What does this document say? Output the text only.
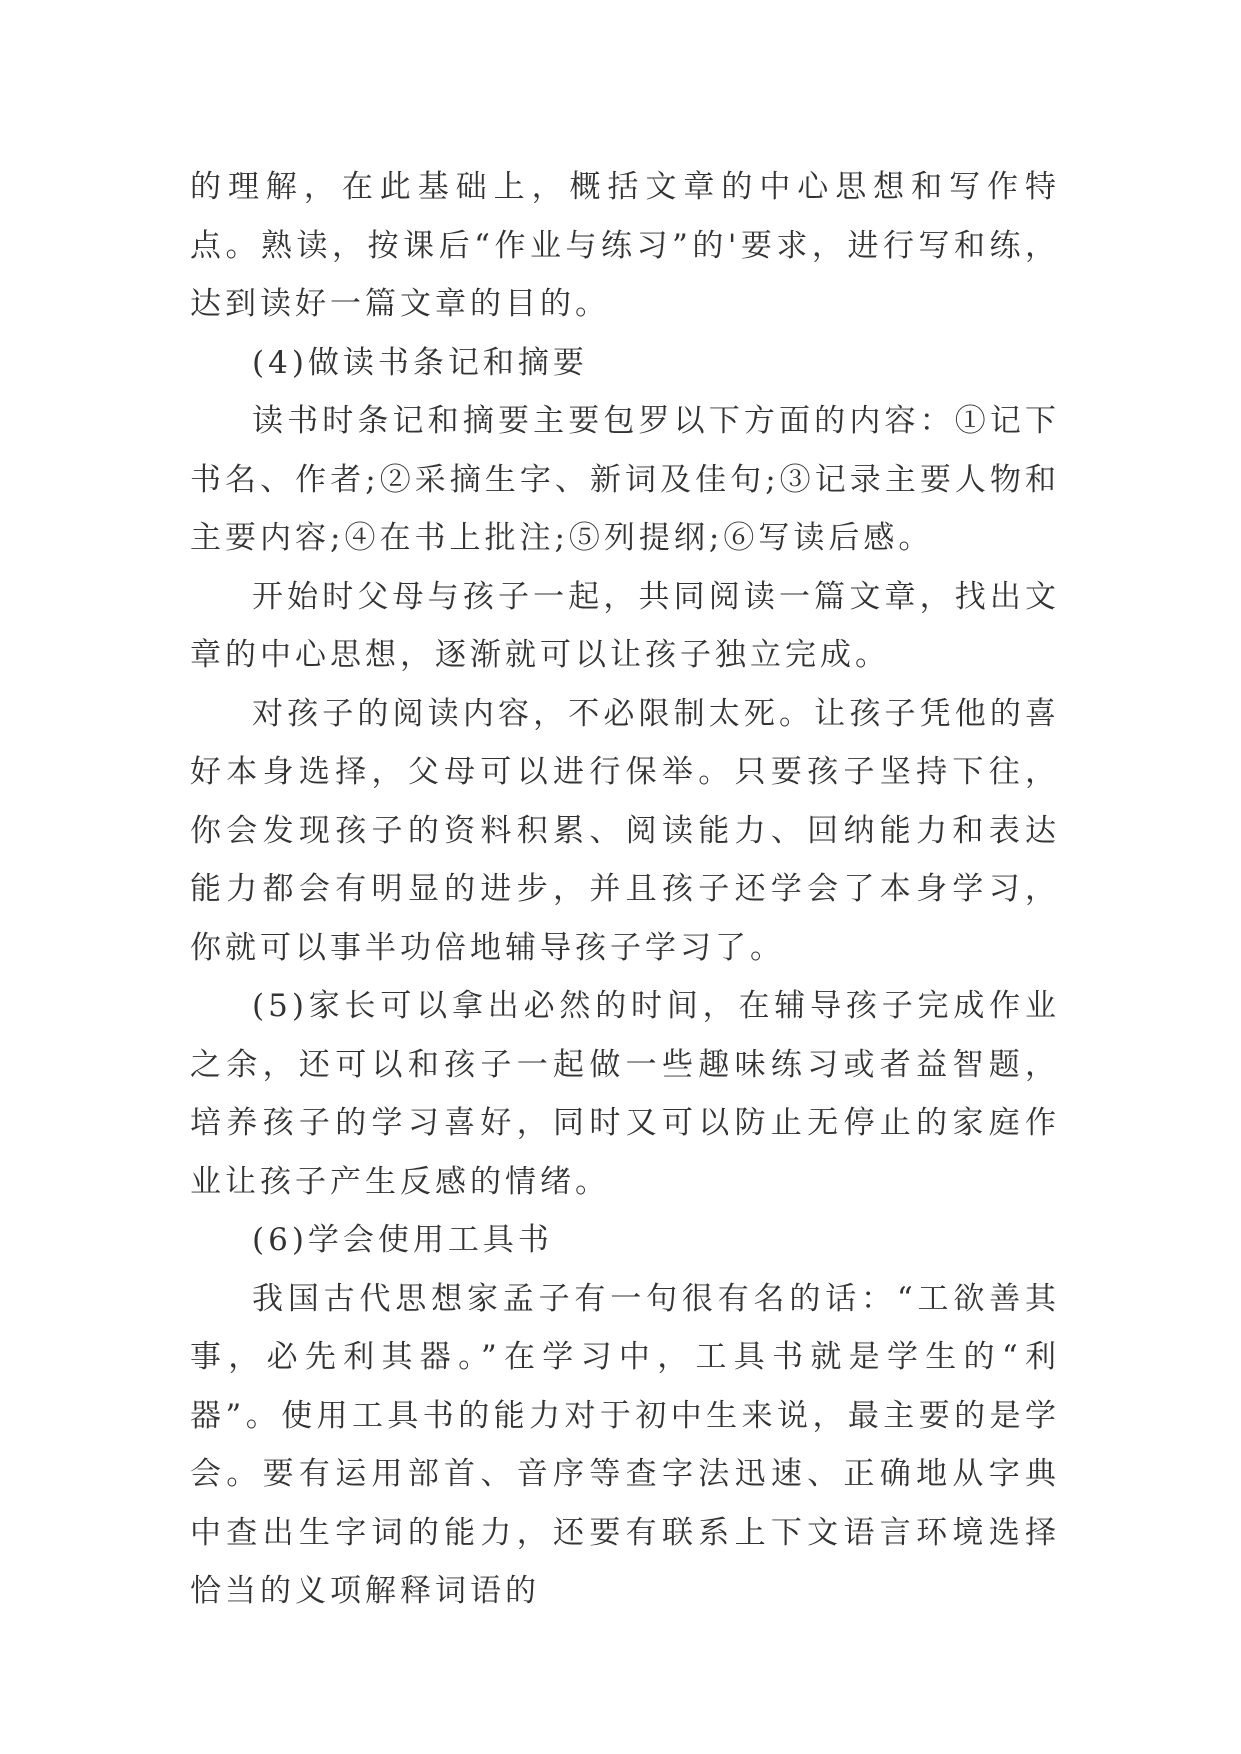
的理解，在此基础上，概括文章的中心思想和写作特点。熟读，按课后“作业与练习”的'要求，进行写和练，达到读好一篇文章的目的。

(4)做读书条记和摘要

读书时条记和摘要主要包罗以下方面的内容：①记下书名、作者;②采摘生字、新词及佳句;③记录主要人物和主要内容;④在书上批注;⑤列提纲;⑥写读后感。

开始时父母与孩子一起，共同阅读一篇文章，找出文章的中心思想，逐渐就可以让孩子独立完成。

对孩子的阅读内容，不必限制太死。让孩子凭他的喜好本身选择，父母可以进行保举。只要孩子坚持下往，你会发现孩子的资料积累、阅读能力、回纳能力和表达能力都会有明显的进步，并且孩子还学会了本身学习，你就可以事半功倍地辅导孩子学习了。

(5)家长可以拿出必然的时间，在辅导孩子完成作业之余，还可以和孩子一起做一些趣味练习或者益智题，培养孩子的学习喜好，同时又可以防止无停止的家庭作业让孩子产生反感的情绪。

(6)学会使用工具书

我国古代思想家孟子有一句很有名的话：“工欲善其事，必先利其器。”在学习中，工具书就是学生的“利器”。使用工具书的能力对于初中生来说，最主要的是学会。要有运用部首、音序等查字法迅速、正确地从字典中查出生字词的能力，还要有联系上下文语言环境选择恰当的义项解释词语的
